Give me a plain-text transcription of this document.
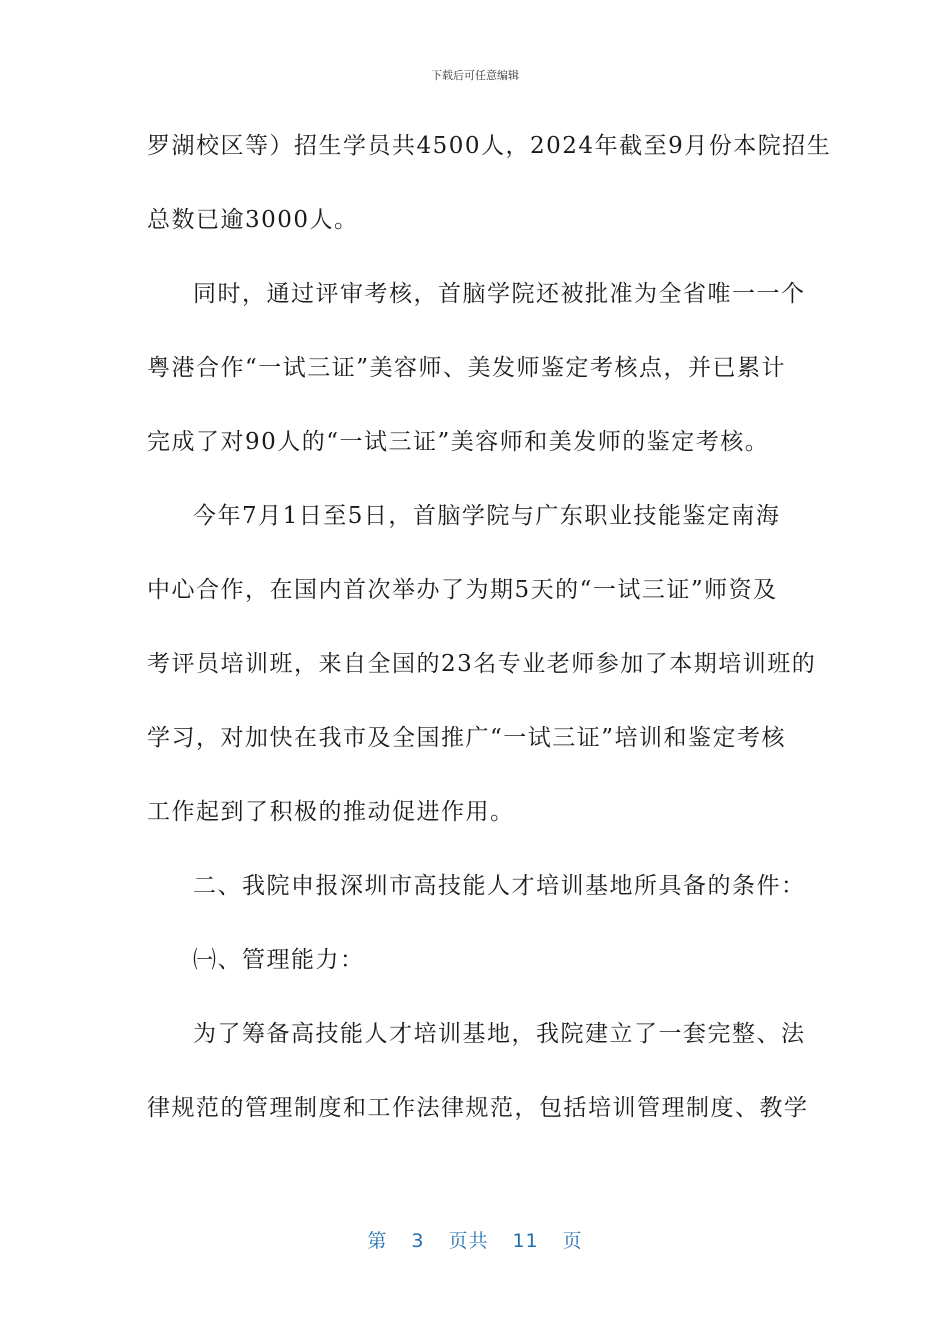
下载后可任意编辑
罗湖校区等）招生学员共4500人，2024年截至9月份本院招生
总数已逾3000人。
同时，通过评审考核，首脑学院还被批准为全省唯一一个
粤港合作“一试三证”美容师、美发师鉴定考核点，并已累计
完成了对90人的“一试三证”美容师和美发师的鉴定考核。
今年7月1日至5日，首脑学院与广东职业技能鉴定南海
中心合作，在国内首次举办了为期5天的“一试三证”师资及
考评员培训班，来自全国的23名专业老师参加了本期培训班的
学习，对加快在我市及全国推广“一试三证”培训和鉴定考核
工作起到了积极的推动促进作用。
二、我院申报深圳市高技能人才培训基地所具备的条件：
㈠、管理能力：
为了筹备高技能人才培训基地，我院建立了一套完整、法
律规范的管理制度和工作法律规范，包括培训管理制度、教学
第 3 页共 11 页
